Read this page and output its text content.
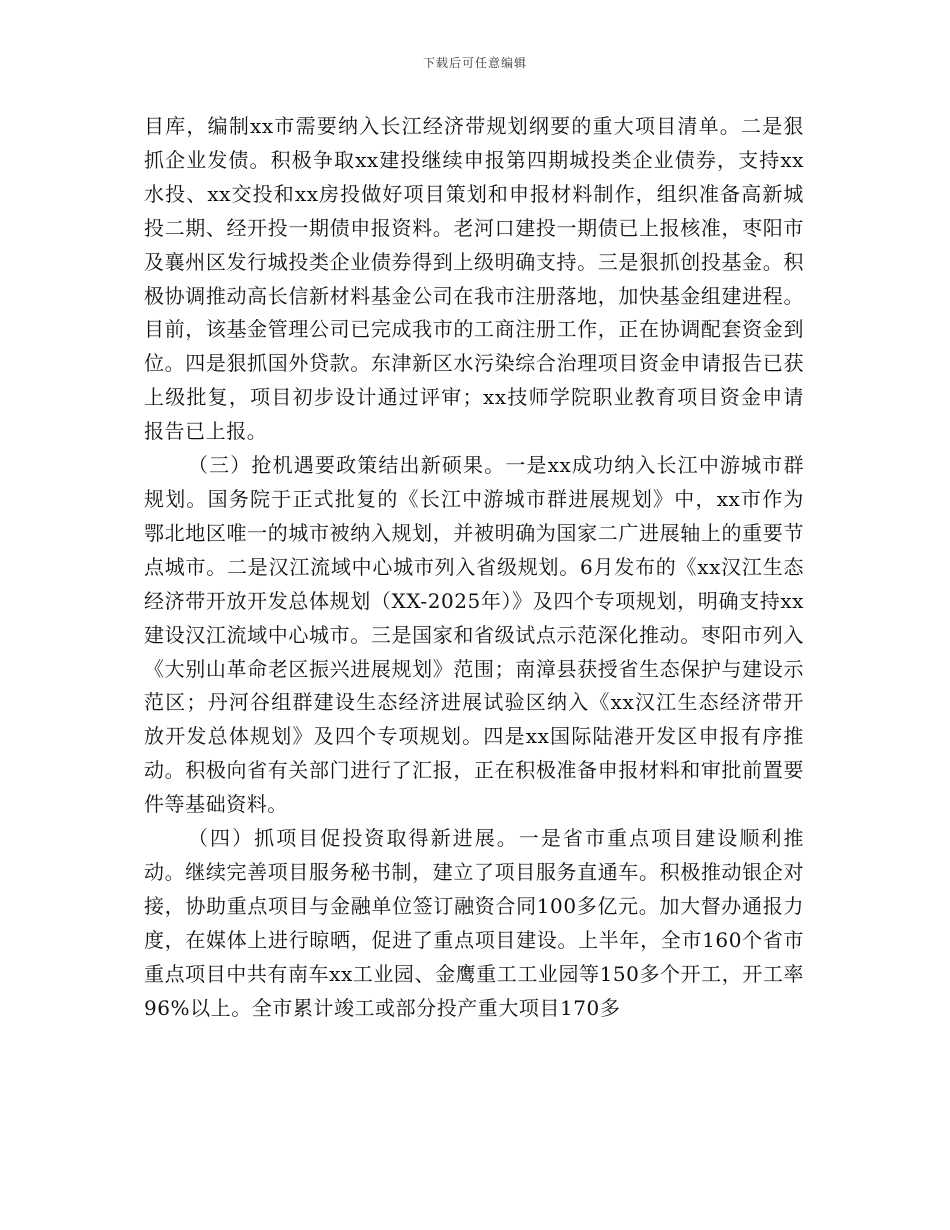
下载后可任意编辑

目库，编制xx市需要纳入长江经济带规划纲要的重大项目清单。二是狠抓企业发债。积极争取xx建投继续申报第四期城投类企业债券，支持xx水投、xx交投和xx房投做好项目策划和申报材料制作，组织准备高新城投二期、经开投一期债申报资料。老河口建投一期债已上报核准，枣阳市及襄州区发行城投类企业债券得到上级明确支持。三是狠抓创投基金。积极协调推动高长信新材料基金公司在我市注册落地，加快基金组建进程。目前，该基金管理公司已完成我市的工商注册工作，正在协调配套资金到位。四是狠抓国外贷款。东津新区水污染综合治理项目资金申请报告已获上级批复，项目初步设计通过评审；xx技师学院职业教育项目资金申请报告已上报。

（三）抢机遇要政策结出新硕果。一是xx成功纳入长江中游城市群规划。国务院于正式批复的《长江中游城市群进展规划》中，xx市作为鄂北地区唯一的城市被纳入规划，并被明确为国家二广进展轴上的重要节点城市。二是汉江流域中心城市列入省级规划。6月发布的《xx汉江生态经济带开放开发总体规划（XX-2025年）》及四个专项规划，明确支持xx建设汉江流域中心城市。三是国家和省级试点示范深化推动。枣阳市列入《大别山革命老区振兴进展规划》范围；南漳县获授省生态保护与建设示范区；丹河谷组群建设生态经济进展试验区纳入《xx汉江生态经济带开放开发总体规划》及四个专项规划。四是xx国际陆港开发区申报有序推动。积极向省有关部门进行了汇报，正在积极准备申报材料和审批前置要件等基础资料。

（四）抓项目促投资取得新进展。一是省市重点项目建设顺利推动。继续完善项目服务秘书制，建立了项目服务直通车。积极推动银企对接，协助重点项目与金融单位签订融资合同100多亿元。加大督办通报力度，在媒体上进行晾晒，促进了重点项目建设。上半年，全市160个省市重点项目中共有南车xx工业园、金鹰重工工业园等150多个开工，开工率96%以上。全市累计竣工或部分投产重大项目170多
